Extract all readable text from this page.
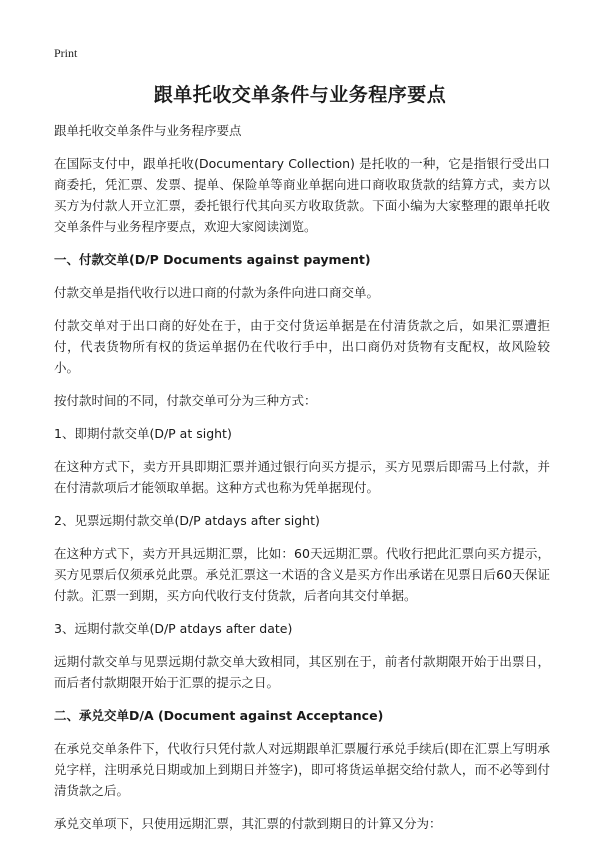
Print
跟单托收交单条件与业务程序要点

跟单托收交单条件与业务程序要点

在国际支付中，跟单托收(Documentary Collection) 是托收的一种，它是指银行受出口商委托，凭汇票、发票、提单、保险单等商业单据向进口商收取货款的结算方式，卖方以买方为付款人开立汇票，委托银行代其向买方收取货款。下面小编为大家整理的跟单托收交单条件与业务程序要点，欢迎大家阅读浏览。

一、付款交单(D/P Documents against payment)

付款交单是指代收行以进口商的付款为条件向进口商交单。

付款交单对于出口商的好处在于，由于交付货运单据是在付清货款之后，如果汇票遭拒付，代表货物所有权的货运单据仍在代收行手中，出口商仍对货物有支配权，故风险较小。

按付款时间的不同，付款交单可分为三种方式：

1、即期付款交单(D/P at sight)

在这种方式下，卖方开具即期汇票并通过银行向买方提示，买方见票后即需马上付款，并在付清款项后才能领取单据。这种方式也称为凭单据现付。

2、见票远期付款交单(D/P atdays after sight)

在这种方式下，卖方开具远期汇票，比如：60天远期汇票。代收行把此汇票向买方提示，买方见票后仅须承兑此票。承兑汇票这一术语的含义是买方作出承诺在见票日后60天保证付款。汇票一到期，买方向代收行支付货款，后者向其交付单据。

3、远期付款交单(D/P atdays after date)

远期付款交单与见票远期付款交单大致相同，其区别在于，前者付款期限开始于出票日，而后者付款期限开始于汇票的提示之日。

二、承兑交单D/A (Document against Acceptance)

在承兑交单条件下，代收行只凭付款人对远期跟单汇票履行承兑手续后(即在汇票上写明承兑字样，注明承兑日期或加上到期日并签字)，即可将货运单据交给付款人，而不必等到付清货款之后。

承兑交单项下，只使用远期汇票，其汇票的付款到期日的计算又分为：
